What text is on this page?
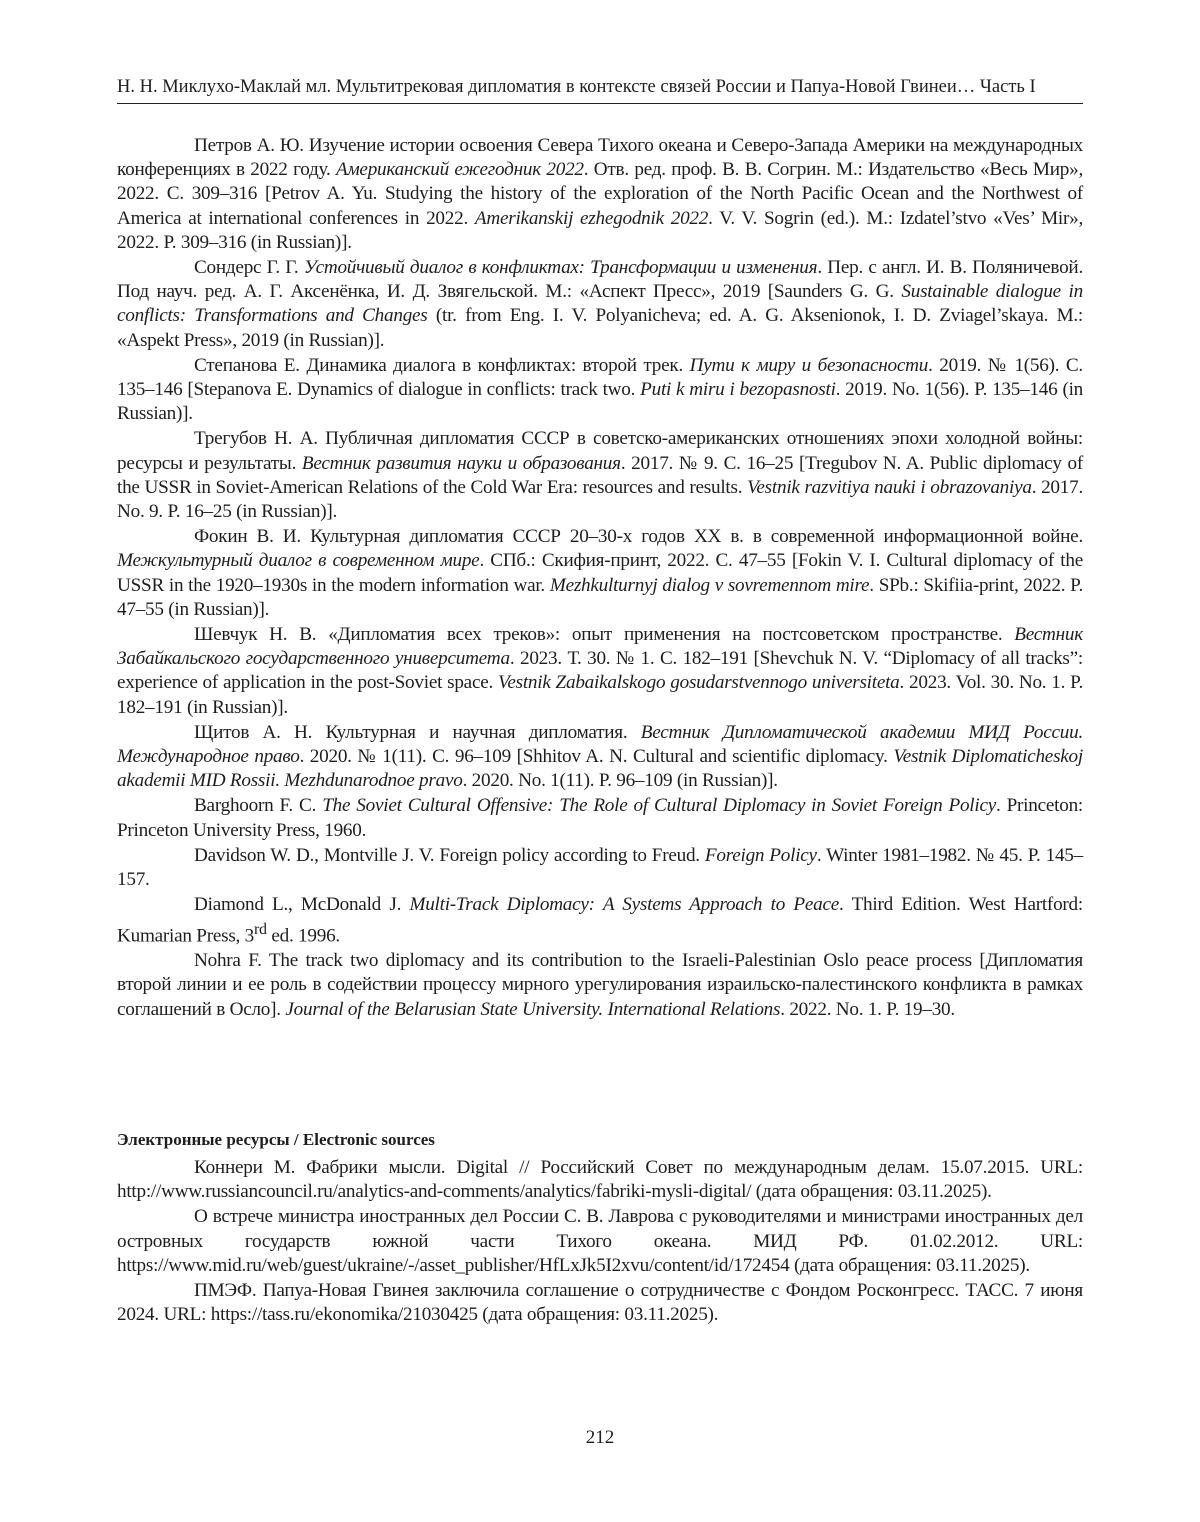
Н. Н. Миклухо-Маклай мл. Мультитрековая дипломатия в контексте связей России и Папуа-Новой Гвинеи… Часть I

Петров А. Ю. Изучение истории освоения Севера Тихого океана и Северо-Запада Америки на международных конференциях в 2022 году. Американский ежегодник 2022. Отв. ред. проф. В. В. Согрин. М.: Издательство «Весь Мир», 2022. С. 309–316 [Petrov A. Yu. Studying the history of the exploration of the North Pacific Ocean and the Northwest of America at international conferences in 2022. Amerikanskij ezhegodnik 2022. V. V. Sogrin (ed.). M.: Izdatel’stvo «Ves’ Mir», 2022. P. 309–316 (in Russian)].

Сондерс Г. Г. Устойчивый диалог в конфликтах: Трансформации и изменения. Пер. с англ. И. В. Поляничевой. Под науч. ред. А. Г. Аксенёнка, И. Д. Звягельской. М.: «Аспект Пресс», 2019 [Saunders G. G. Sustainable dialogue in conflicts: Transformations and Changes (tr. from Eng. I. V. Polyanicheva; ed. A. G. Aksenionok, I. D. Zviagel’skaya. M.: «Aspekt Press», 2019 (in Russian)].

Степанова Е. Динамика диалога в конфликтах: второй трек. Пути к миру и безопасности. 2019. № 1(56). С. 135–146 [Stepanova E. Dynamics of dialogue in conflicts: track two. Puti k miru i bezopasnosti. 2019. No. 1(56). P. 135–146 (in Russian)].

Трегубов Н. А. Публичная дипломатия СССР в советско-американских отношениях эпохи холодной войны: ресурсы и результаты. Вестник развития науки и образования. 2017. № 9. С. 16–25 [Tregubov N. A. Public diplomacy of the USSR in Soviet-American Relations of the Cold War Era: resources and results. Vestnik razvitiya nauki i obrazovaniya. 2017. No. 9. P. 16–25 (in Russian)].

Фокин В. И. Культурная дипломатия СССР 20–30-х годов XX в. в современной информационной войне. Межкультурный диалог в современном мире. СПб.: Скифия-принт, 2022. С. 47–55 [Fokin V. I. Cultural diplomacy of the USSR in the 1920–1930s in the modern information war. Mezhkulturnyj dialog v sovremennom mire. SPb.: Skifiia-print, 2022. P. 47–55 (in Russian)].

Шевчук Н. В. «Дипломатия всех треков»: опыт применения на постсоветском пространстве. Вестник Забайкальского государственного университета. 2023. Т. 30. № 1. С. 182–191 [Shevchuk N. V. “Diplomacy of all tracks”: experience of application in the post-Soviet space. Vestnik Zabaikalskogo gosudarstvennogo universiteta. 2023. Vol. 30. No. 1. P. 182–191 (in Russian)].

Щитов А. Н. Культурная и научная дипломатия. Вестник Дипломатической академии МИД России. Международное право. 2020. № 1(11). С. 96–109 [Shhitov A. N. Cultural and scientific diplomacy. Vestnik Diplomaticheskoj akademii MID Rossii. Mezhdunarodnoe pravo. 2020. No. 1(11). P. 96–109 (in Russian)].

Barghoorn F. C. The Soviet Cultural Offensive: The Role of Cultural Diplomacy in Soviet Foreign Policy. Princeton: Princeton University Press, 1960.

Davidson W. D., Montville J. V. Foreign policy according to Freud. Foreign Policy. Winter 1981–1982. № 45. P. 145–157.

Diamond L., McDonald J. Multi-Track Diplomacy: A Systems Approach to Peace. Third Edition. West Hartford: Kumarian Press, 3rd ed. 1996.

Nohra F. The track two diplomacy and its contribution to the Israeli-Palestinian Oslo peace process [Дипломатия второй линии и ее роль в содействии процессу мирного урегулирования израильско-палестинского конфликта в рамках соглашений в Осло]. Journal of the Belarusian State University. International Relations. 2022. No. 1. P. 19–30.

Электронные ресурсы / Electronic sources

Коннери М. Фабрики мысли. Digital // Российский Совет по международным делам. 15.07.2015. URL: http://www.russiancouncil.ru/analytics-and-comments/analytics/fabriki-mysli-digital/ (дата обращения: 03.11.2025).

О встрече министра иностранных дел России С. В. Лаврова с руководителями и министрами иностранных дел островных государств южной части Тихого океана. МИД РФ. 01.02.2012. URL: https://www.mid.ru/web/guest/ukraine/-/asset_publisher/HfLxJk5I2xvu/content/id/172454 (дата обращения: 03.11.2025).

ПМЭФ. Папуа-Новая Гвинея заключила соглашение о сотрудничестве с Фондом Росконгресс. ТАСС. 7 июня 2024. URL: https://tass.ru/ekonomika/21030425 (дата обращения: 03.11.2025).

212
